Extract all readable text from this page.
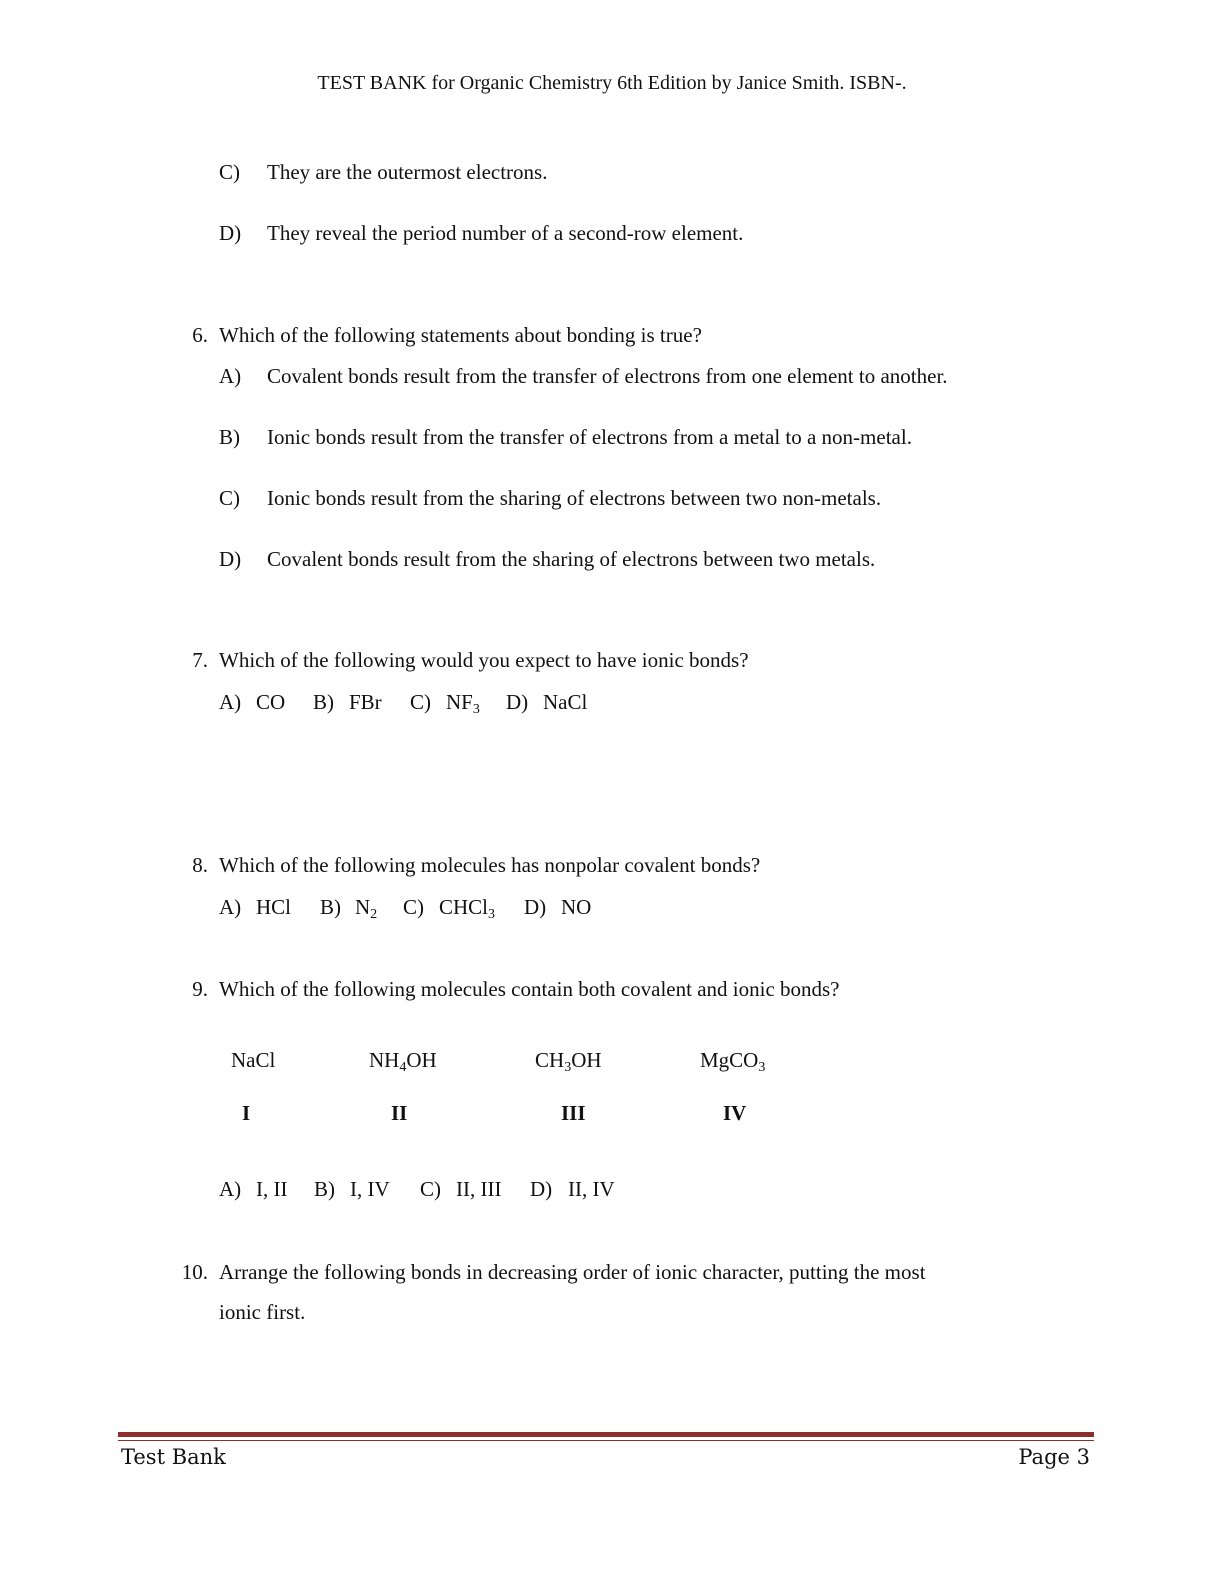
TEST BANK for Organic Chemistry 6th Edition by Janice Smith. ISBN-.
C) They are the outermost electrons.
D) They reveal the period number of a second-row element.
6. Which of the following statements about bonding is true?
A) Covalent bonds result from the transfer of electrons from one element to another.
B) Ionic bonds result from the transfer of electrons from a metal to a non-metal.
C) Ionic bonds result from the sharing of electrons between two non-metals.
D) Covalent bonds result from the sharing of electrons between two metals.
7. Which of the following would you expect to have ionic bonds?
A) CO B) FBr C) $NF_3$ D) NaCl
8. Which of the following molecules has nonpolar covalent bonds?
A) HCl B) $N_2$ C) CHCl$_3$ D) NO
9. Which of the following molecules contain both covalent and ionic bonds?
NaCl	$NH_4OH$	$CH_3OH$	MgCO$_3$
I	II	III	IV
A) I, II B) I, IV C) II, III D) II, IV
10. Arrange the following bonds in decreasing order of ionic character, putting the most
ionic first.
Test Bank	Page 3
